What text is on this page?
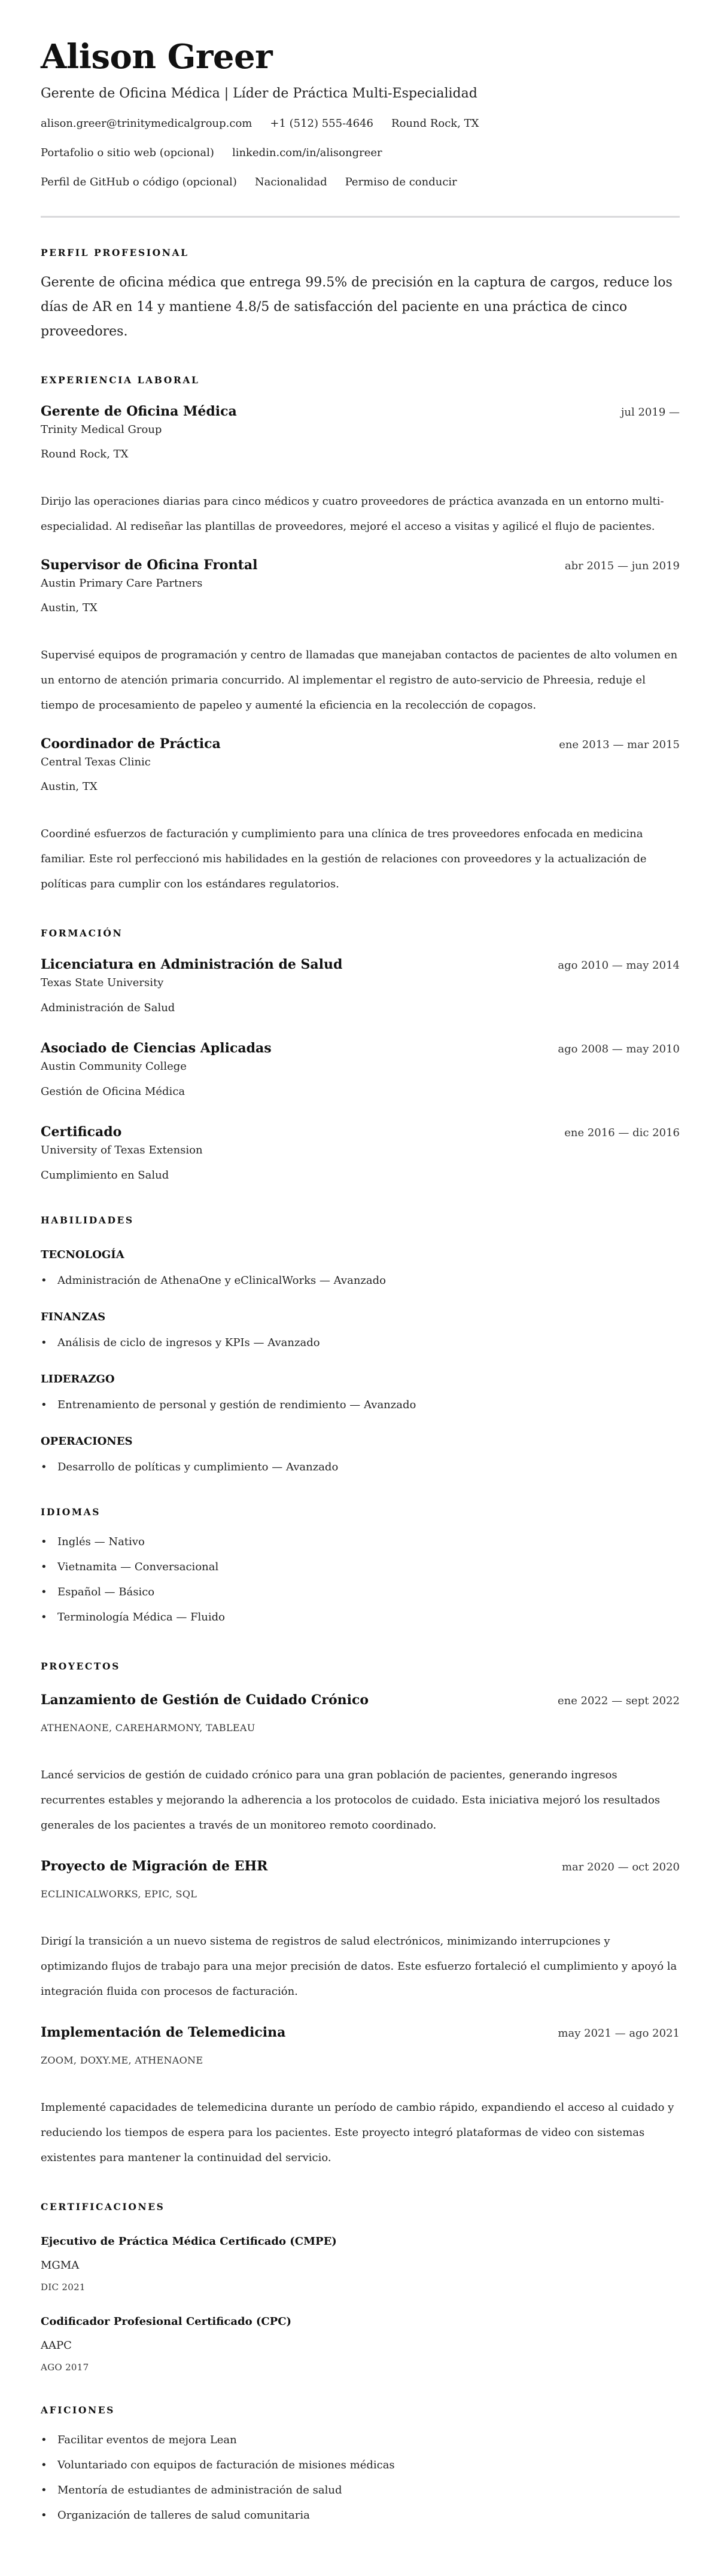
Alison Greer
Gerente de Oficina Médica | Líder de Práctica Multi-Especialidad
alison.greer@trinitymedicalgroup.com +1 (512) 555-4646 Round Rock, TX
Portafolio o sitio web (opcional) linkedin.com/in/alisongreer
Perfil de GitHub o código (opcional) Nacionalidad Permiso de conducir
PERFIL PROFESIONAL

Gerente de oficina médica que entrega 99.5% de precisión en la captura de cargos, reduce los días de AR en 14 y mantiene 4.8/5 de satisfacción del paciente en una práctica de cinco proveedores.

EXPERIENCIA LABORAL
Gerente de Oficina Médica	jul 2019 —
Trinity Medical Group
Round Rock, TX

Dirijo las operaciones diarias para cinco médicos y cuatro proveedores de práctica avanzada en un entorno multi-especialidad. Al rediseñar las plantillas de proveedores, mejoré el acceso a visitas y agilicé el flujo de pacientes.

Supervisor de Oficina Frontal	abr 2015 — jun 2019
Austin Primary Care Partners
Austin, TX

Supervisé equipos de programación y centro de llamadas que manejaban contactos de pacientes de alto volumen en un entorno de atención primaria concurrido. Al implementar el registro de auto-servicio de Phreesia, reduje el tiempo de procesamiento de papeleo y aumenté la eficiencia en la recolección de copagos.

Coordinador de Práctica	ene 2013 — mar 2015
Central Texas Clinic
Austin, TX

Coordiné esfuerzos de facturación y cumplimiento para una clínica de tres proveedores enfocada en medicina familiar. Este rol perfeccionó mis habilidades en la gestión de relaciones con proveedores y la actualización de políticas para cumplir con los estándares regulatorios.

FORMACIÓN
Licenciatura en Administración de Salud	ago 2010 — may 2014
Texas State University
Administración de Salud
Asociado de Ciencias Aplicadas	ago 2008 — may 2010
Austin Community College
Gestión de Oficina Médica
Certificado	ene 2016 — dic 2016
University of Texas Extension
Cumplimiento en Salud
HABILIDADES
TECNOLOGÍA
• Administración de AthenaOne y eClinicalWorks — Avanzado
FINANZAS
• Análisis de ciclo de ingresos y KPIs — Avanzado
LIDERAZGO
• Entrenamiento de personal y gestión de rendimiento — Avanzado
OPERACIONES
• Desarrollo de políticas y cumplimiento — Avanzado
IDIOMAS
• Inglés — Nativo
• Vietnamita — Conversacional
• Español — Básico
• Terminología Médica — Fluido
PROYECTOS
Lanzamiento de Gestión de Cuidado Crónico	ene 2022 — sept 2022
ATHENAONE, CAREHARMONY, TABLEAU

Lancé servicios de gestión de cuidado crónico para una gran población de pacientes, generando ingresos recurrentes estables y mejorando la adherencia a los protocolos de cuidado. Esta iniciativa mejoró los resultados generales de los pacientes a través de un monitoreo remoto coordinado.

Proyecto de Migración de EHR	mar 2020 — oct 2020
ECLINICALWORKS, EPIC, SQL

Dirigí la transición a un nuevo sistema de registros de salud electrónicos, minimizando interrupciones y optimizando flujos de trabajo para una mejor precisión de datos. Este esfuerzo fortaleció el cumplimiento y apoyó la integración fluida con procesos de facturación.

Implementación de Telemedicina	may 2021 — ago 2021
ZOOM, DOXY.ME, ATHENAONE

Implementé capacidades de telemedicina durante un período de cambio rápido, expandiendo el acceso al cuidado y reduciendo los tiempos de espera para los pacientes. Este proyecto integró plataformas de video con sistemas existentes para mantener la continuidad del servicio.

CERTIFICACIONES
Ejecutivo de Práctica Médica Certificado (CMPE)
MGMA
DIC 2021
Codificador Profesional Certificado (CPC)
AAPC
AGO 2017
AFICIONES
• Facilitar eventos de mejora Lean
• Voluntariado con equipos de facturación de misiones médicas
• Mentoría de estudiantes de administración de salud
• Organización de talleres de salud comunitaria
